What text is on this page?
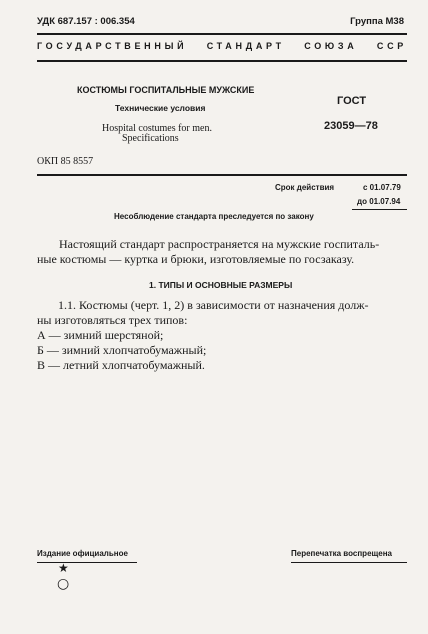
УДК 687.157 : 006.354	Группа М38
ГОСУДАРСТВЕННЫЙ СТАНДАРТ СОЮЗА ССР
КОСТЮМЫ ГОСПИТАЛЬНЫЕ МУЖСКИЕ
Технические условия
Hospital costumes for men.
Specifications
ГОСТ
23059—78
ОКП 85 8557
Срок действия	с 01.07.79
до 01.07.94
Несоблюдение стандарта преследуется по закону
Настоящий стандарт распространяется на мужские госпиталь-
ные костюмы — куртка и брюки, изготовляемые по госзаказу.
1. ТИПЫ И ОСНОВНЫЕ РАЗМЕРЫ
1.1. Костюмы (черт. 1, 2) в зависимости от назначения долж-
ны изготовляться трех типов:
А — зимний шерстяной;
Б — зимний хлопчатобумажный;
В — летний хлопчатобумажный.
Издание официальное	Перепечатка воспрещена
★
○
